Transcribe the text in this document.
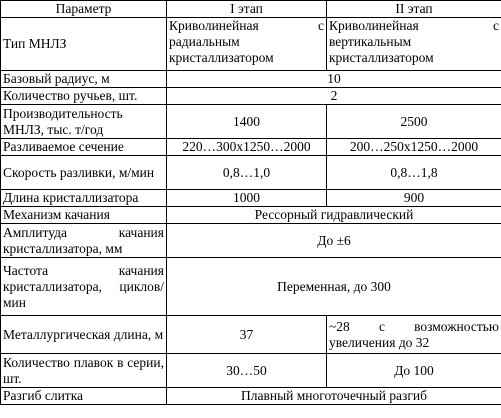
Параметр	I этап	II этап
Тип МНЛЗ	Криволинейная с радиальным кристаллизатором	Криволинейная с вертикальным кристаллизатором
Базовый радиус, м	10	
Количество ручьев, шт.	2	
Производительность МНЛЗ, тыс. т/год	1400	2500
Разливаемое сечение	220…300х1250…2000	200…250х1250…2000
Скорость разливки, м/мин	0,8…1,0	0,8…1,8
Длина кристаллизатора	1000	900
Механизм качания	Рессорный гидравлический	
Амплитуда качания кристаллизатора, мм	До ±6	
Частота качания кристаллизатора, циклов/мин	Переменная, до 300	
Металлургическая длина, м	37	~28 с возможностью увеличения до 32
Количество плавок в серии, шт.	30…50	До 100
Разгиб слитка	Плавный многоточечный разгиб	
